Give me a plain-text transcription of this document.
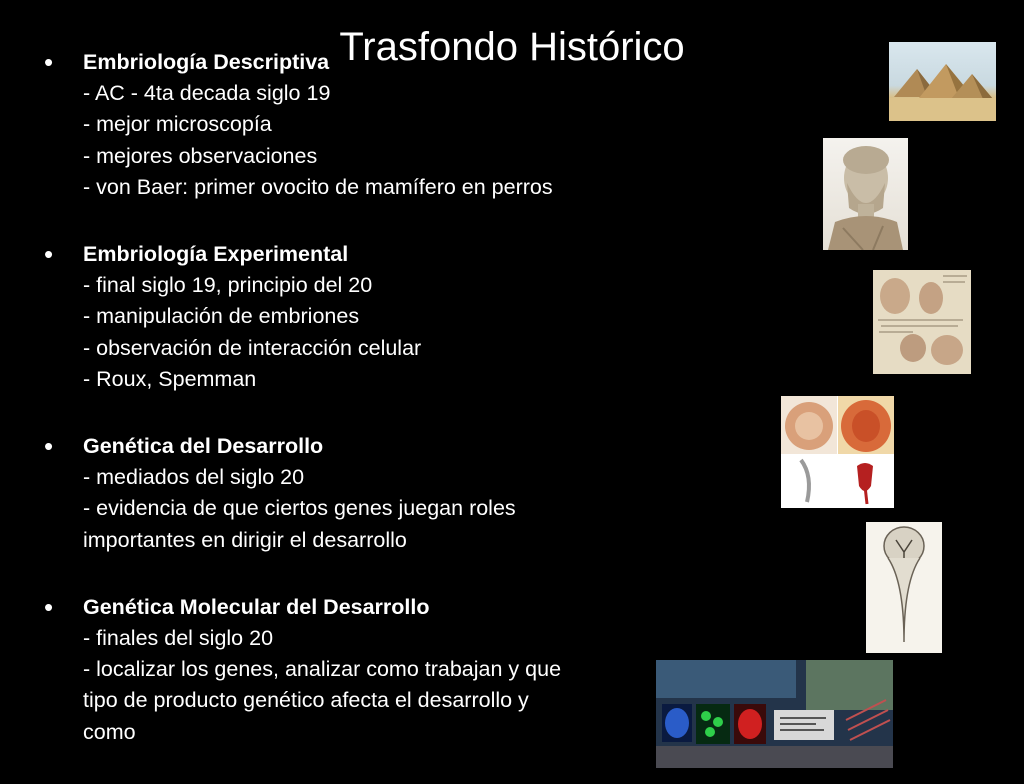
Trasfondo Histórico
• Embriología Descriptiva
- AC - 4ta decada siglo 19
- mejor microscopía
- mejores observaciones
- von Baer: primer ovocito de mamífero en perros
• Embriología Experimental
- final siglo 19, principio del 20
- manipulación de embriones
- observación de interacción celular
- Roux, Spemman
• Genética del Desarrollo
- mediados del siglo 20
- evidencia de que ciertos genes juegan roles
importantes en dirigir el desarrollo
• Genética Molecular del Desarrollo
- finales del siglo 20
- localizar los genes, analizar como trabajan y que
tipo de producto genético afecta el desarrollo y
como
